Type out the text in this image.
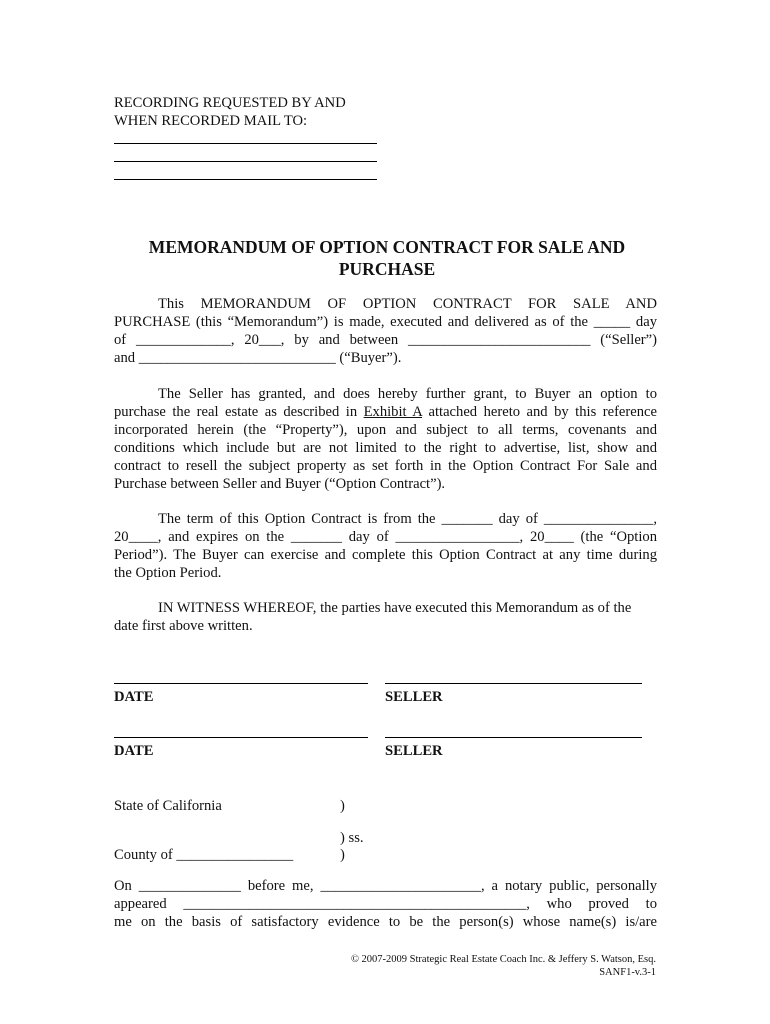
RECORDING REQUESTED BY AND
WHEN RECORDED MAIL TO:
MEMORANDUM OF OPTION CONTRACT FOR SALE AND
PURCHASE
This MEMORANDUM OF OPTION CONTRACT FOR SALE AND
PURCHASE (this “Memorandum”) is made, executed and delivered as of the _____ day
of _____________, 20___, by and between _________________________ (“Seller”)
and ___________________________ (“Buyer”).
The Seller has granted, and does hereby further grant, to Buyer an option to
purchase the real estate as described in Exhibit A attached hereto and by this reference
incorporated herein (the “Property”), upon and subject to all terms, covenants and
conditions which include but are not limited to the right to advertise, list, show and
contract to resell the subject property as set forth in the Option Contract For Sale and
Purchase between Seller and Buyer (“Option Contract”).
The term of this Option Contract is from the _______ day of _______________,
20____, and expires on the _______ day of _________________, 20____ (the “Option
Period”). The Buyer can exercise and complete this Option Contract at any time during
the Option Period.
IN WITNESS WHEREOF, the parties have executed this Memorandum as of the
date first above written.
DATE	SELLER
DATE	SELLER
State of California	)
) ss.
County of ________________	)
On ______________ before me, ______________________, a notary public, personally
appeared _______________________________________________, who proved to
me on the basis of satisfactory evidence to be the person(s) whose name(s) is/are
© 2007-2009 Strategic Real Estate Coach Inc. & Jeffery S. Watson, Esq.
SANF1-v.3-1
